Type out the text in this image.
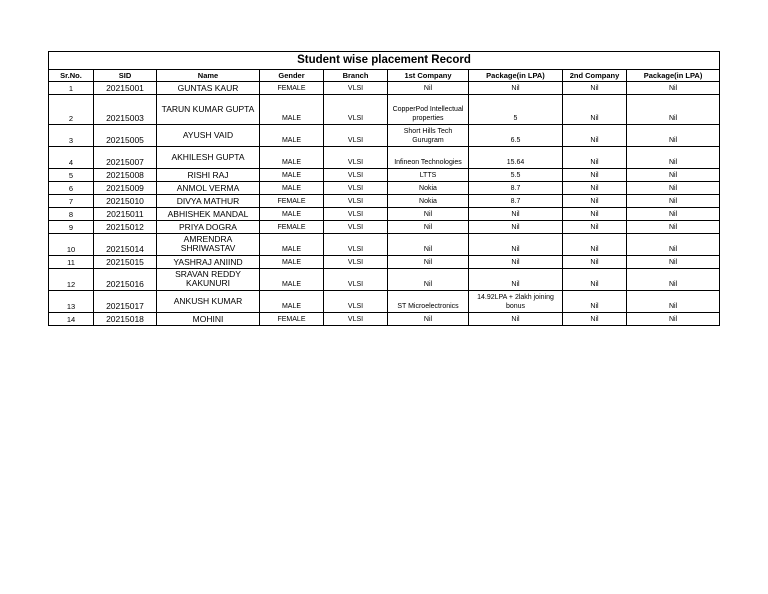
Student wise placement Record								
Sr.No.	SID	Name	Gender	Branch	1st Company	Package(in LPA)	2nd Company	Package(in LPA)
1	20215001	GUNTAS KAUR	FEMALE	VLSI	Nil	Nil	Nil	Nil
2	20215003	TARUN KUMAR GUPTA	MALE	VLSI	CopperPod Intellectual properties	5	Nil	Nil
3	20215005	AYUSH VAID	MALE	VLSI	Short Hills Tech Gurugram	6.5	Nil	Nil
4	20215007	AKHILESH GUPTA	MALE	VLSI	Infineon Technologies	15.64	Nil	Nil
5	20215008	RISHI RAJ	MALE	VLSI	LTTS	5.5	Nil	Nil
6	20215009	ANMOL VERMA	MALE	VLSI	Nokia	8.7	Nil	Nil
7	20215010	DIVYA MATHUR	FEMALE	VLSI	Nokia	8.7	Nil	Nil
8	20215011	ABHISHEK MANDAL	MALE	VLSI	Nil	Nil	Nil	Nil
9	20215012	PRIYA DOGRA	FEMALE	VLSI	Nil	Nil	Nil	Nil
10	20215014	AMRENDRA SHRIWASTAV	MALE	VLSI	Nil	Nil	Nil	Nil
11	20215015	YASHRAJ ANIIND	MALE	VLSI	Nil	Nil	Nil	Nil
12	20215016	SRAVAN REDDY KAKUNURI	MALE	VLSI	Nil	Nil	Nil	Nil
13	20215017	ANKUSH KUMAR	MALE	VLSI	ST Microelectronics	14.92LPA + 2lakh joining bonus	Nil	Nil
14	20215018	MOHINI	FEMALE	VLSI	Nil	Nil	Nil	Nil
